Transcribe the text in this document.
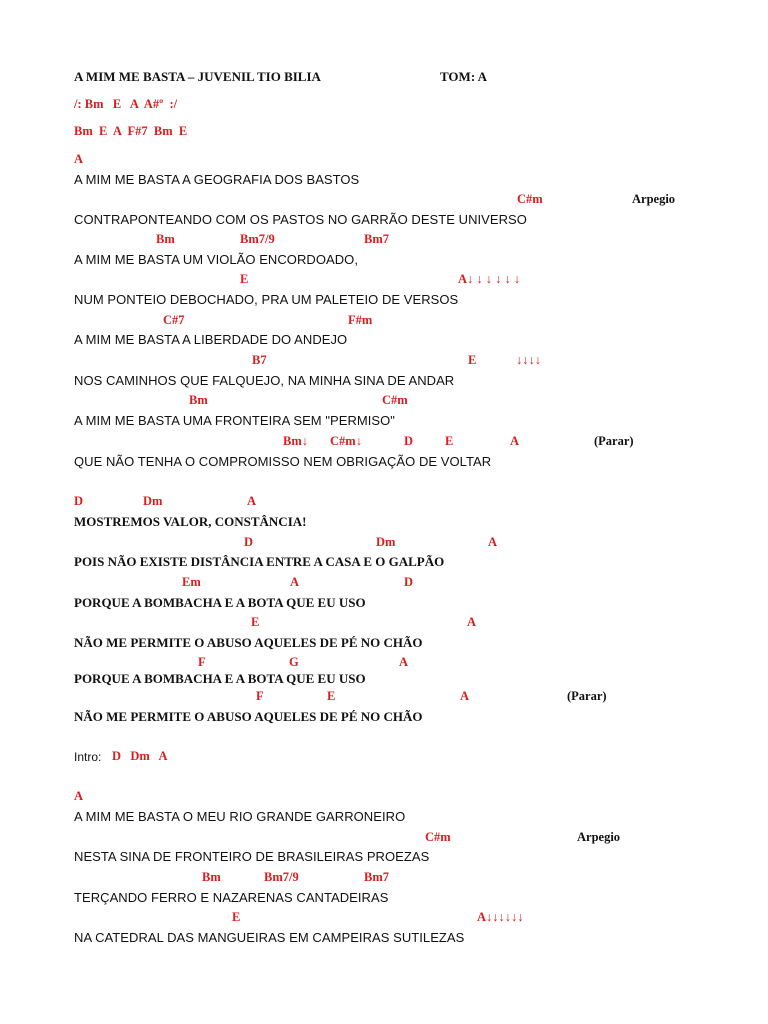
A MIM ME BASTA – JUVENIL TIO BILIA	TOM: A
/: Bm   E   A  A#º  :/
Bm  E  A  F#7  Bm  E
A
A MIM ME BASTA A GEOGRAFIA DOS BASTOS
C#m	Arpegio
CONTRAPONTEANDO COM OS PASTOS NO GARRÃO DESTE UNIVERSO
Bm	Bm7/9	Bm7
A MIM ME BASTA UM VIOLÃO ENCORDOADO,
E	A↓ ↓ ↓ ↓ ↓ ↓
NUM PONTEIO DEBOCHADO, PRA UM PALETEIO DE VERSOS
C#7	F#m
A MIM ME BASTA A LIBERDADE DO ANDEJO
B7	E	↓↓↓↓
NOS CAMINHOS QUE FALQUEJO, NA MINHA SINA DE ANDAR
Bm	C#m
A MIM ME BASTA UMA FRONTEIRA SEM "PERMISO"
Bm↓ C#m↓	D	E	A	(Parar)
QUE NÃO TENHA O COMPROMISSO NEM OBRIGAÇÃO DE VOLTAR
D	Dm	A
MOSTREMOS VALOR, CONSTÂNCIA!
D	Dm	A
POIS NÃO EXISTE DISTÂNCIA ENTRE A CASA E O GALPÃO
Em	A	D
PORQUE A BOMBACHA E A BOTA QUE EU USO
E	A
NÃO ME PERMITE O ABUSO AQUELES DE PÉ NO CHÃO
F	G	A
PORQUE A BOMBACHA E A BOTA QUE EU USO
F	E	A	(Parar)
NÃO ME PERMITE O ABUSO AQUELES DE PÉ NO CHÃO
Intro: D   Dm   A
A
A MIM ME BASTA O MEU RIO GRANDE GARRONEIRO
C#m	Arpegio
NESTA SINA DE FRONTEIRO DE BRASILEIRAS PROEZAS
Bm	Bm7/9	Bm7
TERÇANDO FERRO E NAZARENAS CANTADEIRAS
E	A↓↓↓↓↓↓
NA CATEDRAL DAS MANGUEIRAS EM CAMPEIRAS SUTILEZAS
